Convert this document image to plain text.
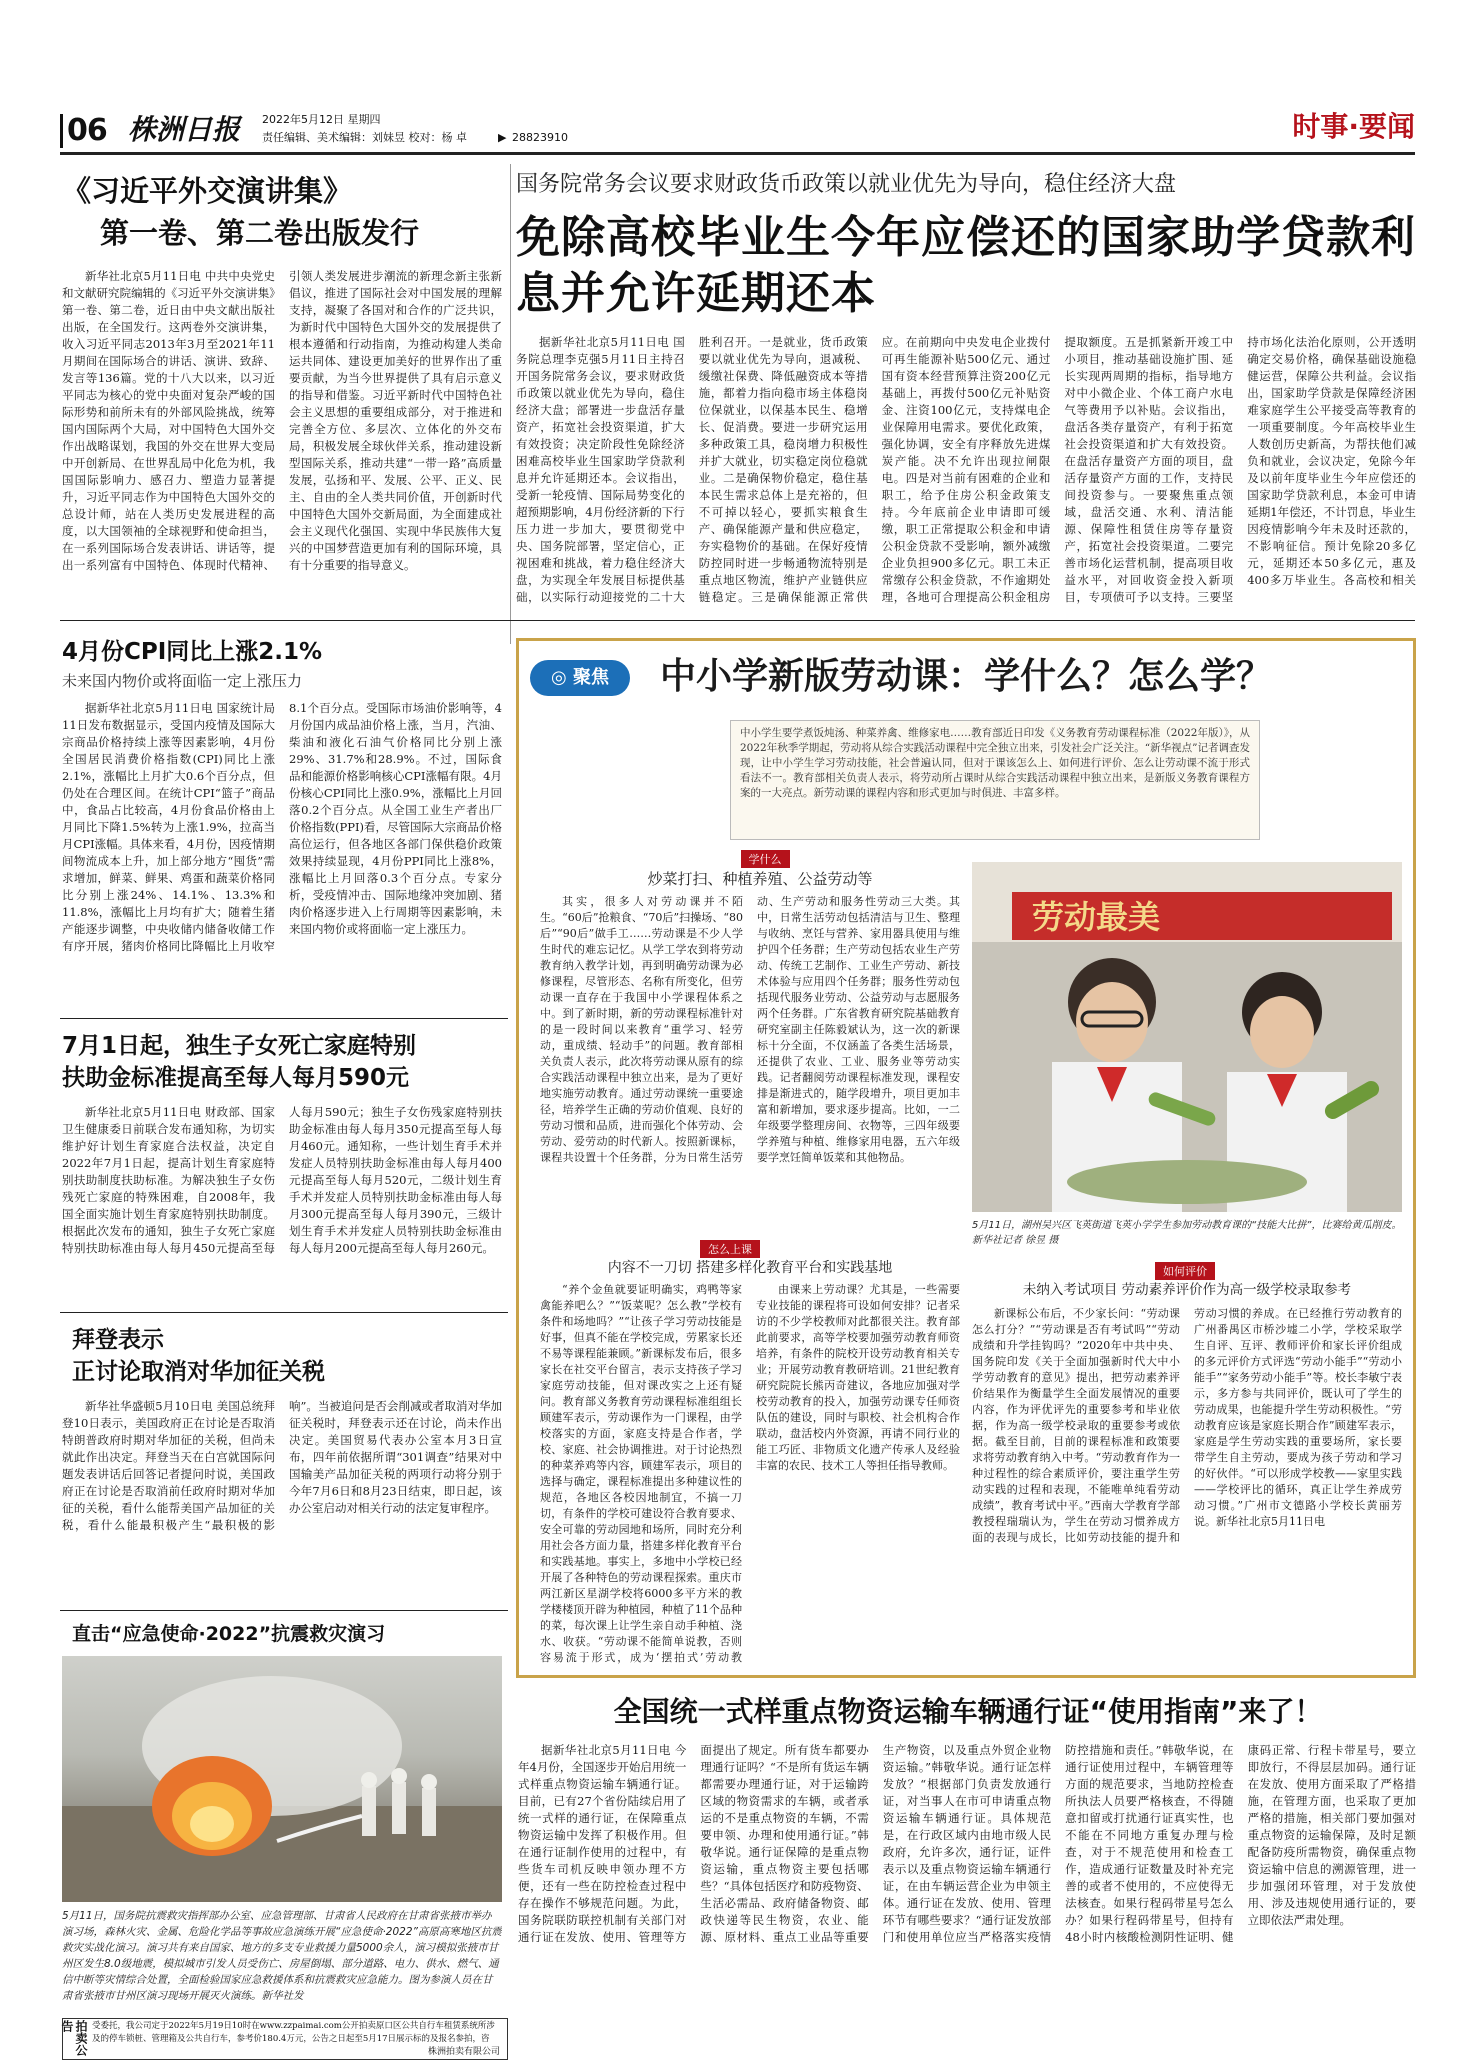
06 株洲日报 2022年5月12日 星期四
责任编辑、美术编辑：刘妹昱 校对：杨 卓	▶ 28823910	时事·要闻
《习近平外交演讲集》
第一卷、第二卷出版发行

新华社北京5月11日电 中共中央党史和文献研究院编辑的《习近平外交演讲集》第一卷、第二卷，近日由中央文献出版社出版，在全国发行。这两卷外交演讲集，收入习近平同志2013年3月至2021年11月期间在国际场合的讲话、演讲、致辞、发言等136篇。党的十八大以来，以习近平同志为核心的党中央面对复杂严峻的国际形势和前所未有的外部风险挑战，统筹国内国际两个大局，对中国特色大国外交作出战略谋划，我国的外交在世界大变局中开创新局、在世界乱局中化危为机，我国国际影响力、感召力、塑造力显著提升，习近平同志作为中国特色大国外交的总设计师，站在人类历史发展进程的高度，以大国领袖的全球视野和使命担当，在一系列国际场合发表讲话、讲话等，提出一系列富有中国特色、体现时代精神、引领人类发展进步潮流的新理念新主张新倡议，推进了国际社会对中国发展的理解支持，凝聚了各国对和合作的广泛共识，为新时代中国特色大国外交的发展提供了根本遵循和行动指南，为推动构建人类命运共同体、建设更加美好的世界作出了重要贡献，为当今世界提供了具有启示意义的指导和借鉴。习近平新时代中国特色社会主义思想的重要组成部分，对于推进和完善全方位、多层次、立体化的外交布局，积极发展全球伙伴关系，推动建设新型国际关系，推动共建“一带一路”高质量发展，弘扬和平、发展、公平、正义、民主、自由的全人类共同价值，开创新时代中国特色大国外交新局面，为全面建成社会主义现代化强国、实现中华民族伟大复兴的中国梦营造更加有利的国际环境，具有十分重要的指导意义。

国务院常务会议要求财政货币政策以就业优先为导向，稳住经济大盘
免除高校毕业生今年应偿还的国家助学贷款利息并允许延期还本

据新华社北京5月11日电 国务院总理李克强5月11日主持召开国务院常务会议，要求财政货币政策以就业优先为导向，稳住经济大盘；部署进一步盘活存量资产，拓宽社会投资渠道，扩大有效投资；决定阶段性免除经济困难高校毕业生国家助学贷款利息并允许延期还本。会议指出，受新一轮疫情、国际局势变化的超预期影响，4月份经济新的下行压力进一步加大，要贯彻党中央、国务院部署，坚定信心，正视困难和挑战，着力稳住经济大盘，为实现全年发展目标提供基础，以实际行动迎接党的二十大胜利召开。一是就业，货币政策要以就业优先为导向，退减税、缓缴社保费、降低融资成本等措施，都着力指向稳市场主体稳岗位保就业，以保基本民生、稳增长、促消费。要进一步研究运用多种政策工具，稳岗增力积极性并扩大就业，切实稳定岗位稳就业。二是确保物价稳定，稳住基本民生需求总体上是充裕的，但不可掉以轻心，要抓实粮食生产、确保能源产量和供应稳定，夯实稳物价的基础。在保好疫情防控同时进一步畅通物流特别是重点地区物流，维护产业链供应链稳定。三是确保能源正常供应。在前期向中央发电企业拨付可再生能源补贴500亿元、通过国有资本经营预算注资200亿元基础上，再拨付500亿元补贴资金、注资100亿元，支持煤电企业保障用电需求。要优化政策，强化协调，安全有序释放先进煤炭产能。决不允许出现拉闸限电。四是对当前有困难的企业和职工，给予住房公积金政策支持。今年底前企业申请即可缓缴，职工正常提取公积金和申请公积金贷款不受影响，额外减缴企业负担900多亿元。职工未正常缴存公积金贷款，不作逾期处理，各地可合理提高公积金租房提取额度。五是抓紧新开竣工中小项目，推动基础设施扩围、延长实现两周期的指标，指导地方对中小微企业、个体工商户水电气等费用予以补贴。会议指出，盘活各类存量资产，有利于拓宽社会投资渠道和扩大有效投资。在盘活存量资产方面的项目，盘活存量资产方面的工作，支持民间投资参与。一要聚焦重点领域，盘活交通、水利、清洁能源、保障性租赁住房等存量资产，拓宽社会投资渠道。二要完善市场化运营机制，提高项目收益水平，对回收资金投入新项目，专项债可予以支持。三要坚持市场化法治化原则，公开透明确定交易价格，确保基础设施稳健运营，保障公共利益。会议指出，国家助学贷款是保障经济困难家庭学生公平接受高等教育的一项重要制度。今年高校毕业生人数创历史新高，为帮扶他们减负和就业，会议决定，免除今年及以前年度毕业生今年应偿还的国家助学贷款利息，本金可申请延期1年偿还，不计罚息，毕业生因疫情影响今年未及时还款的，不影响征信。预计免除20多亿元，延期还本50多亿元，惠及400多万毕业生。各高校和相关

4月份CPI同比上涨2.1%
未来国内物价或将面临一定上涨压力

据新华社北京5月11日电 国家统计局11日发布数据显示，受国内疫情及国际大宗商品价格持续上涨等因素影响，4月份全国居民消费价格指数(CPI)同比上涨2.1%，涨幅比上月扩大0.6个百分点，但仍处在合理区间。在统计CPI“篮子”商品中，食品占比较高，4月份食品价格由上月同比下降1.5%转为上涨1.9%，拉高当月CPI涨幅。具体来看，4月份，因疫情期间物流成本上升，加上部分地方“囤货”需求增加，鲜菜、鲜果、鸡蛋和蔬菜价格同比分别上涨24%、14.1%、13.3%和11.8%，涨幅比上月均有扩大；随着生猪产能逐步调整，中央收储内储备收储工作有序开展，猪肉价格同比降幅比上月收窄8.1个百分点。受国际市场油价影响等，4月份国内成品油价格上涨，当月，汽油、柴油和液化石油气价格同比分别上涨29%、31.7%和28.9%。不过，国际食品和能源价格影响核心CPI涨幅有限。4月份核心CPI同比上涨0.9%，涨幅比上月回落0.2个百分点。从全国工业生产者出厂价格指数(PPI)看，尽管国际大宗商品价格高位运行，但各地区各部门保供稳价政策效果持续显现，4月份PPI同比上涨8%，涨幅比上月回落0.3个百分点。专家分析，受疫情冲击、国际地缘冲突加剧、猪肉价格逐步进入上行周期等因素影响，未来国内物价或将面临一定上涨压力。

7月1日起，独生子女死亡家庭特别
扶助金标准提高至每人每月590元

新华社北京5月11日电 财政部、国家卫生健康委日前联合发布通知称，为切实维护好计划生育家庭合法权益，决定自2022年7月1日起，提高计划生育家庭特别扶助制度扶助标准。为解决独生子女伤残死亡家庭的特殊困难，自2008年，我国全面实施计划生育家庭特别扶助制度。根据此次发布的通知，独生子女死亡家庭特别扶助标准由每人每月450元提高至每人每月590元；独生子女伤残家庭特别扶助金标准由每人每月350元提高至每人每月460元。通知称，一些计划生育手术并发症人员特别扶助金标准由每人每月400元提高至每人每月520元，二级计划生育手术并发症人员特别扶助金标准由每人每月300元提高至每人每月390元，三级计划生育手术并发症人员特别扶助金标准由每人每月200元提高至每人每月260元。

拜登表示
正讨论取消对华加征关税

新华社华盛顿5月10日电 美国总统拜登10日表示，美国政府正在讨论是否取消特朗普政府时期对华加征的关税，但尚未就此作出决定。拜登当天在白宫就国际问题发表讲话后回答记者提问时说，美国政府正在讨论是否取消前任政府时期对华加征的关税，看什么能帮美国产品加征的关税，看什么能最积极产生“最积极的影响”。当被追问是否会削减或者取消对华加征关税时，拜登表示还在讨论，尚未作出决定。美国贸易代表办公室本月3日宣布，四年前依据所谓“301调查”结果对中国输美产品加征关税的两项行动将分别于今年7月6日和8月23日结束，即日起，该办公室启动对相关行动的法定复审程序。

直击“应急使命·2022”抗震救灾演习
5月11日，国务院抗震救灾指挥部办公室、应急管理部、甘肃省人民政府在甘肃省张掖市举办演习场，森林火灾、金属、危险化学品等事故应急演练开展“应急使命·2022”高原高寒地区抗震救灾实战化演习。演习共有来自国家、地方的多支专业救援力量5000余人，演习模拟张掖市甘州区发生8.0级地震，模拟城市引发人员受伤亡、房屋倒塌、部分道路、电力、供水、燃气、通信中断等灾情综合处置，全面检验国家应急救援体系和抗震救灾应急能力。图为参演人员在甘肃省张掖市甘州区演习现场开展灭火演练。新华社发
拍卖公告	受委托，我公司定于2022年5月19日10时在www.zzpaimai.com公开拍卖原口区公共自行车租赁系统所涉及的停车锁桩、管理箱及公共自行车，参考价180.4万元，公告之日起至5月17日展示标的及报名参拍，咨
株洲拍卖有限公司
◎ 聚焦	中小学新版劳动课：学什么？怎么学？
中小学生要学煮饭炖汤、种菜养禽、维修家电……教育部近日印发《义务教育劳动课程标准（2022年版）》，从2022年秋季学期起，劳动将从综合实践活动课程中完全独立出来，引发社会广泛关注。“新华视点”记者调查发现，让中小学生学习劳动技能，社会普遍认同，但对于课该怎么上、如何进行评价、怎么让劳动课不流于形式看法不一。教育部相关负责人表示，将劳动所占课时从综合实践活动课程中独立出来，是新版义务教育课程方案的一大亮点。新劳动课的课程内容和形式更加与时俱进、丰富多样。
学什么
炒菜打扫、种植养殖、公益劳动等

其实，很多人对劳动课并不陌生。“60后”抢粮食、“70后”扫操场、“80后”“90后”做手工……劳动课是不少人学生时代的难忘记忆。从学工学农到将劳动教育纳入教学计划，再到明确劳动课为必修课程，尽管形态、名称有所变化，但劳动课一直存在于我国中小学课程体系之中。到了新时期，新的劳动课程标准针对的是一段时间以来教育“重学习、轻劳动，重成绩、轻动手”的问题。教育部相关负责人表示，此次将劳动课从原有的综合实践活动课程中独立出来，是为了更好地实施劳动教育。通过劳动课统一重要途径，培养学生正确的劳动价值观、良好的劳动习惯和品质，进而强化个体劳动、会劳动、爱劳动的时代新人。按照新课标，课程共设置十个任务群，分为日常生活劳动、生产劳动和服务性劳动三大类。其中，日常生活劳动包括清洁与卫生、整理与收纳、烹饪与营养、家用器具使用与维护四个任务群；生产劳动包括农业生产劳动、传统工艺制作、工业生产劳动、新技术体验与应用四个任务群；服务性劳动包括现代服务业劳动、公益劳动与志愿服务两个任务群。广东省教育研究院基础教育研究室副主任陈毅斌认为，这一次的新课标十分全面，不仅涵盖了各类生活场景，还提供了农业、工业、服务业等劳动实践。记者翻阅劳动课程标准发现，课程安排是渐进式的，随学段增升，项目更加丰富和新增加，要求逐步提高。比如，一二年级要学整理房间、衣物等，三四年级要学养殖与种植、维修家用电器，五六年级要学烹饪简单饭菜和其他物品。

劳动最美
5月11日，湖州吴兴区飞英街道飞英小学学生参加劳动教育课的“技能大比拼”，比赛给黄瓜削皮。新华社记者 徐昱 摄
怎么上课
内容不一刀切 搭建多样化教育平台和实践基地

“养个金鱼就要证明确实，鸡鸭等家禽能养吧么？”“饭菜呢？怎么教”学校有条件和场地吗？”“让孩子学习劳动技能是好事，但真不能在学校完成，劳累家长还不易等课程能兼顾。”新课标发布后，很多家长在社交平台留言，表示支持孩子学习家庭劳动技能，但对课改实之上还有疑问。教育部义务教育劳动课程标准组组长顾建军表示，劳动课作为一门课程，由学校落实的方面，家庭支持是合作者，学校、家庭、社会协调推进。对于讨论热烈的种菜养鸡等内容，顾建军表示，项目的选择与确定，课程标准提出多种建议性的规范，各地区各校因地制宜，不搞一刀切，有条件的学校可建设符合教育要求、安全可靠的劳动园地和场所，同时充分利用社会各方面力量，搭建多样化教育平台和实践基地。事实上，多地中小学校已经开展了各种特色的劳动课程探索。重庆市两江新区星湖学校将6000多平方米的教学楼楼顶开辟为种植园，种植了11个品种的菜，每次课上让学生亲自动手种植、浇水、收获。“劳动课不能简单说教，否则容易流于形式，成为‘摆拍式’劳动教

由课来上劳动课？尤其是，一些需要专业技能的课程将可设如何安排？记者采访的不少学校教师对此都很关注。教育部此前要求，高等学校要加强劳动教育师资培养，有条件的院校开设劳动教育相关专业；开展劳动教育教研培训。21世纪教育研究院院长熊丙奇建议，各地应加强对学校劳动教育的投入，加强劳动课专任师资队伍的建设，同时与职校、社会机构合作联动，盘活校内外资源，再请不同行业的能工巧匠、非物质文化遗产传承人及经验丰富的农民、技术工人等担任指导教师。

如何评价
未纳入考试项目 劳动素养评价作为高一级学校录取参考

新课标公布后，不少家长问：“劳动课怎么打分？”“劳动课是否有考试吗”“劳动成绩和升学挂钩吗？”2020年中共中央、国务院印发《关于全面加强新时代大中小学劳动教育的意见》提出，把劳动素养评价结果作为衡量学生全面发展情况的重要内容，作为评优评先的重要参考和毕业依据，作为高一级学校录取的重要参考或依据。截至目前，目前的课程标准和政策要求将劳动教育纳入中考。“劳动教育作为一种过程性的综合素质评价，要注重学生劳动实践的过程和表现，不能唯单纯看劳动成绩”，教育考试中平。”西南大学教育学部教授程瑞瑞认为，学生在劳动习惯养成方面的表现与成长，比如劳动技能的提升和劳动习惯的养成。在已经推行劳动教育的广州番禺区市桥沙墟二小学，学校采取学生自评、互评、教师评价和家长评价组成的多元评价方式评选“劳动小能手”“劳动小能手”“家务劳动小能手”等。校长李敏宁表示，多方参与共同评价，既认可了学生的劳动成果，也能提升学生劳动积极性。“劳动教育应该是家庭长期合作”顾建军表示，家庭是学生劳动实践的重要场所，家长要带学生自主劳动，要成为孩子劳动和学习的好伙伴。“可以形成学校教——家里实践——学校评比的循环，真正让学生养成劳动习惯。”广州市文德路小学校长黄丽芳说。新华社北京5月11日电

全国统一式样重点物资运输车辆通行证“使用指南”来了！

据新华社北京5月11日电 今年4月份，全国逐步开始启用统一式样重点物资运输车辆通行证。目前，已有27个省份陆续启用了统一式样的通行证，在保障重点物资运输中发挥了积极作用。但在通行证制作使用的过程中，有些货车司机反映申领办理不方便，还有一些在防控检查过程中存在操作不够规范问题。为此，国务院联防联控机制有关部门对通行证在发放、使用、管理等方面提出了规定。所有货车都要办理通行证吗？“不是所有货运车辆都需要办理通行证，对于运输跨区域的物资需求的车辆，或者承运的不是重点物资的车辆，不需要申领、办理和使用通行证。”韩敬华说。通行证保障的是重点物资运输，重点物资主要包括哪些？“具体包括医疗和防疫物资、生活必需品、政府储备物资、邮政快递等民生物资，农业、能源、原材料、重点工业品等重要生产物资，以及重点外贸企业物资运输。”韩敬华说。通行证怎样发放？“根据部门负责发放通行证，对当事人在市可申请重点物资运输车辆通行证。具体规范是，在行政区域内由地市级人民政府，允许多次，通行证，证件表示以及重点物资运输车辆通行证，在由车辆运营企业为申领主体。通行证在发放、使用、管理环节有哪些要求？“通行证发放部门和使用单位应当严格落实疫情防控措施和责任。”韩敬华说，在通行证使用过程中，车辆管理等方面的规范要求，当地防控检查所执法人员要严格核查，不得随意扣留或打扰通行证真实性，也不能在不同地方重复办理与检查，对于不规范使用和检查工作，造成通行证数量及时补充完善的或者不使用的，不应使得无法核查。如果行程码带星号怎么办？如果行程码带星号，但持有48小时内核酸检测阴性证明、健康码正常、行程卡带星号，要立即放行，不得层层加码。通行证在发放、使用方面采取了严格措施，在管理方面，也采取了更加严格的措施，相关部门要加强对重点物资的运输保障，及时足额配备防疫所需物资，确保重点物资运输中信息的溯源管理，进一步加强闭环管理，对于发放使用、涉及违规使用通行证的，要立即依法严肃处理。
